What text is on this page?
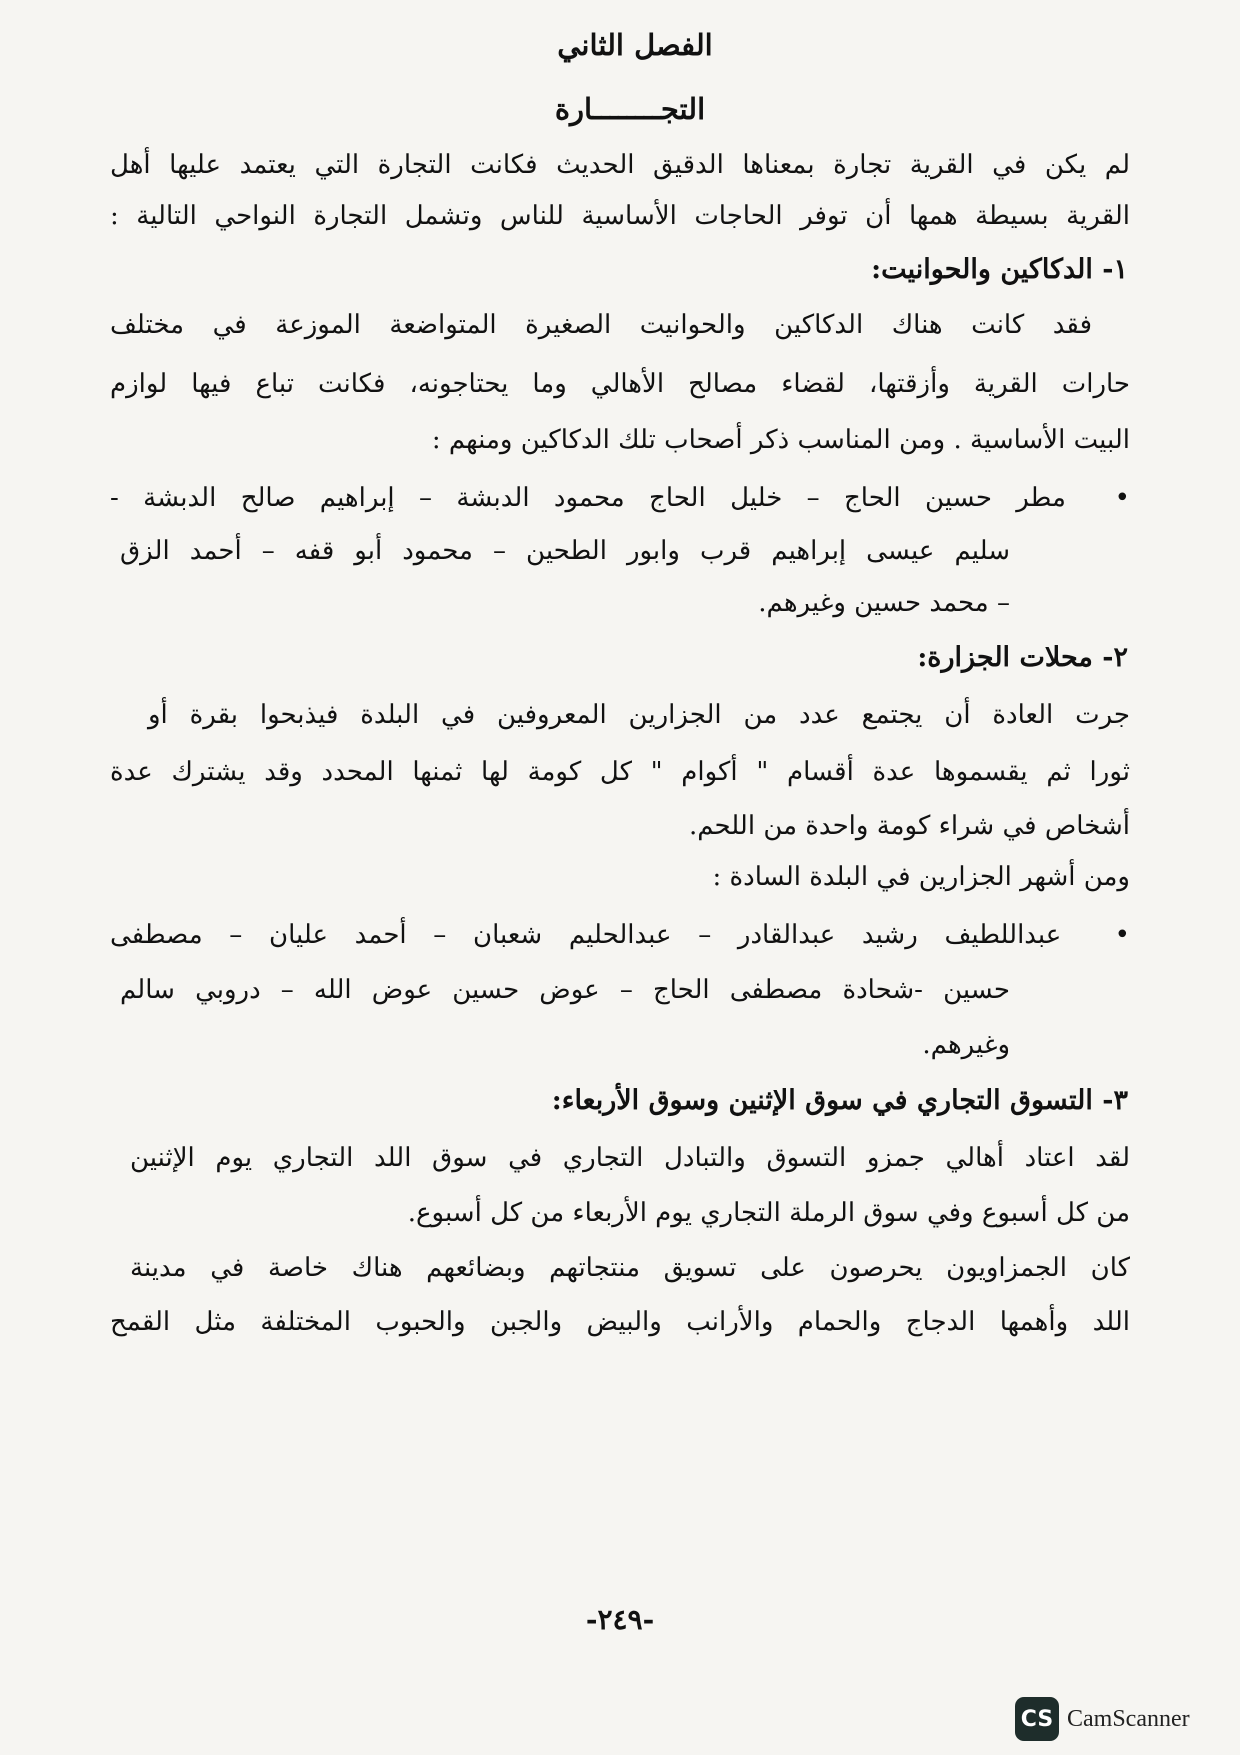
الفصل الثاني
التجــــــــارة
لم يكن في القرية تجارة بمعناها الدقيق الحديث فكانت التجارة التي يعتمد عليها أهل
القرية بسيطة همها أن توفر الحاجات الأساسية للناس وتشمل التجارة النواحي التالية :
١- الدكاكين والحوانيت:
فقد كانت هناك الدكاكين والحوانيت الصغيرة المتواضعة الموزعة في مختلف
حارات القرية وأزقتها، لقضاء مصالح الأهالي وما يحتاجونه، فكانت تباع فيها لوازم
البيت الأساسية . ومن المناسب ذكر أصحاب تلك الدكاكين ومنهم :
•  مطر حسين الحاج – خليل الحاج محمود الدبشة – إبراهيم صالح الدبشة -
سليم عيسى إبراهيم قرب وابور الطحين – محمود أبو قفه – أحمد الزق
– محمد حسين وغيرهم.
٢- محلات الجزارة:
جرت العادة أن يجتمع عدد من الجزارين المعروفين في البلدة فيذبحوا بقرة أو
ثورا ثم يقسموها عدة أقسام " أكوام " كل كومة لها ثمنها المحدد وقد يشترك عدة
أشخاص في شراء كومة واحدة من اللحم.
ومن أشهر الجزارين في البلدة السادة :
•  عبداللطيف رشيد عبدالقادر – عبدالحليم شعبان – أحمد عليان – مصطفى
حسين -شحادة مصطفى الحاج – عوض حسين عوض الله – دروبي سالم
وغيرهم.
٣- التسوق التجاري في سوق الإثنين وسوق الأربعاء:
لقد اعتاد أهالي جمزو التسوق والتبادل التجاري في سوق اللد التجاري يوم الإثنين
من كل أسبوع وفي سوق الرملة التجاري يوم الأربعاء من كل أسبوع.
كان الجمزاويون يحرصون على تسويق منتجاتهم وبضائعهم هناك خاصة في مدينة
اللد وأهمها الدجاج والحمام والأرانب والبيض والجبن والحبوب المختلفة مثل القمح
-٢٤٩-
CS CamScanner
